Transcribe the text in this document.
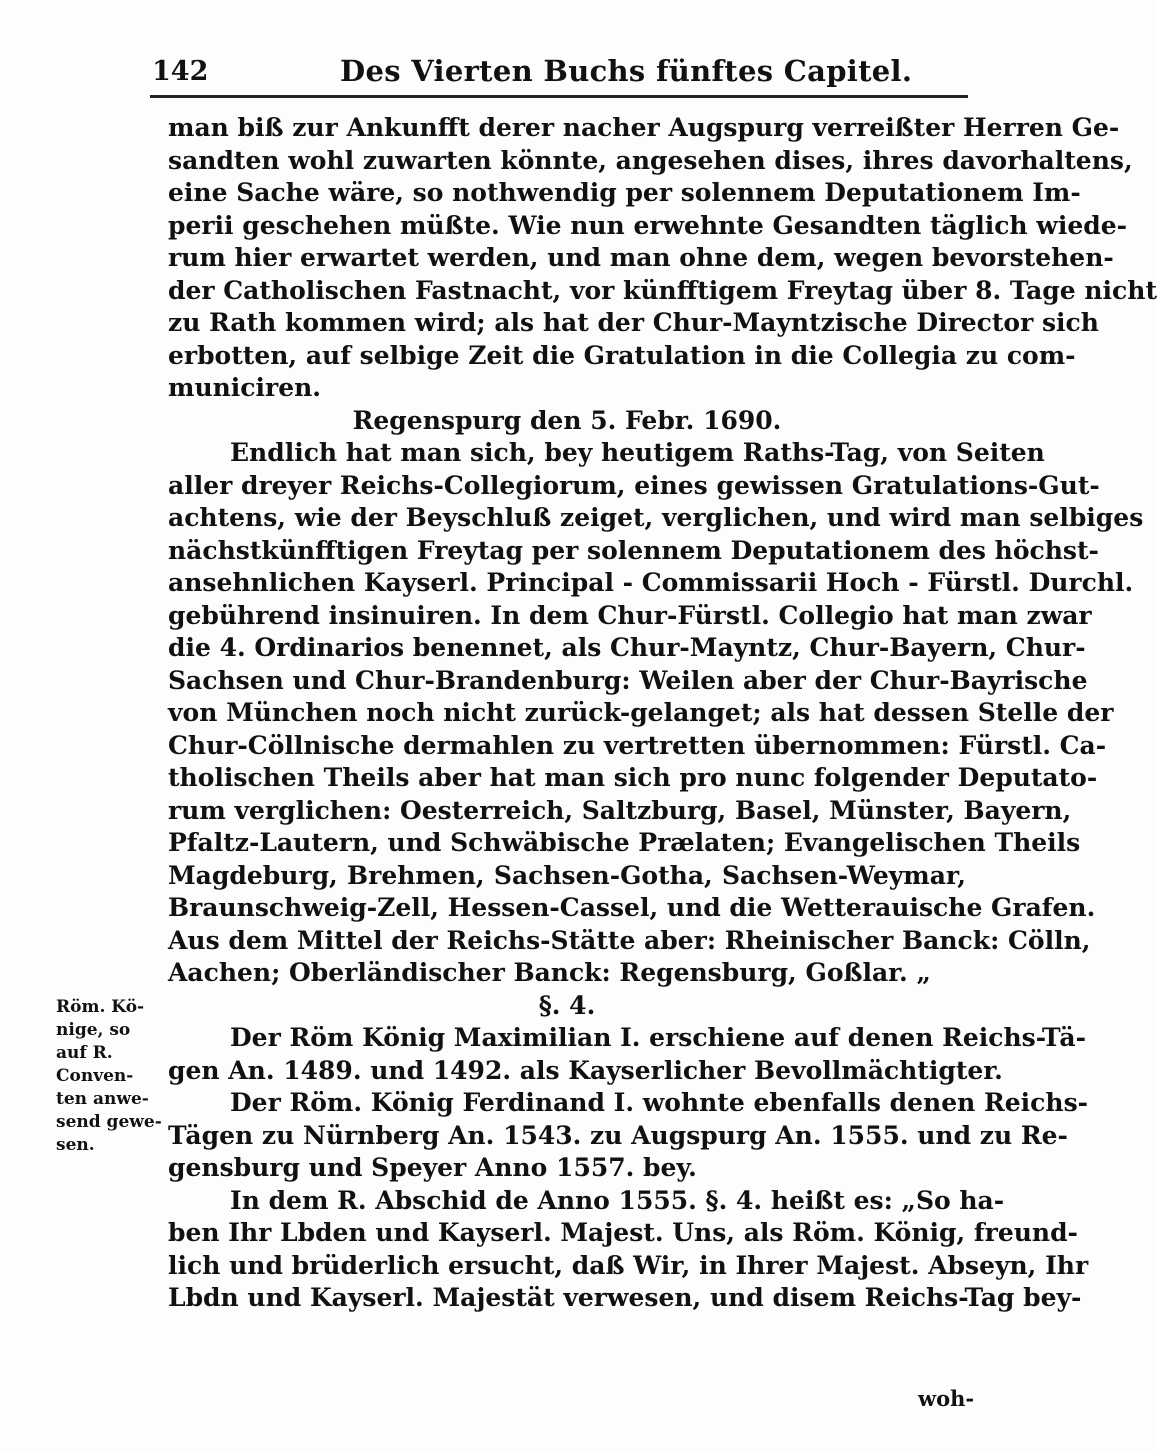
142	Des Vierten Buchs fünftes Capitel.
man biß zur Ankunfft derer nacher Augspurg verreißter Herren Ge-
sandten wohl zuwarten könnte, angesehen dises, ihres davorhaltens,
eine Sache wäre, so nothwendig per solennem Deputationem Im-
perii geschehen müßte. Wie nun erwehnte Gesandten täglich wiede-
rum hier erwartet werden, und man ohne dem, wegen bevorstehen-
der Catholischen Fastnacht, vor künfftigem Freytag über 8. Tage nicht
zu Rath kommen wird; als hat der Chur-Mayntzische Director sich
erbotten, auf selbige Zeit die Gratulation in die Collegia zu com-
municiren.
Regenspurg den 5. Febr. 1690.
Endlich hat man sich, bey heutigem Raths-Tag, von Seiten
aller dreyer Reichs-Collegiorum, eines gewissen Gratulations-Gut-
achtens, wie der Beyschluß zeiget, verglichen, und wird man selbiges
nächstkünfftigen Freytag per solennem Deputationem des höchst-
ansehnlichen Kayserl. Principal - Commissarii Hoch - Fürstl. Durchl.
gebührend insinuiren. In dem Chur-Fürstl. Collegio hat man zwar
die 4. Ordinarios benennet, als Chur-Mayntz, Chur-Bayern, Chur-
Sachsen und Chur-Brandenburg: Weilen aber der Chur-Bayrische
von München noch nicht zurück-gelanget; als hat dessen Stelle der
Chur-Cöllnische dermahlen zu vertretten übernommen: Fürstl. Ca-
tholischen Theils aber hat man sich pro nunc folgender Deputato-
rum verglichen: Oesterreich, Saltzburg, Basel, Münster, Bayern,
Pfaltz-Lautern, und Schwäbische Prælaten; Evangelischen Theils
Magdeburg, Brehmen, Sachsen-Gotha, Sachsen-Weymar,
Braunschweig-Zell, Hessen-Cassel, und die Wetterauische Grafen.
Aus dem Mittel der Reichs-Stätte aber: Rheinischer Banck: Cölln,
Aachen; Oberländischer Banck: Regensburg, Goßlar. „
§. 4.
Der Röm König Maximilian I. erschiene auf denen Reichs-Tä-
gen An. 1489. und 1492. als Kayserlicher Bevollmächtigter.
Der Röm. König Ferdinand I. wohnte ebenfalls denen Reichs-
Tägen zu Nürnberg An. 1543. zu Augspurg An. 1555. und zu Re-
gensburg und Speyer Anno 1557. bey.
In dem R. Abschid de Anno 1555. §. 4. heißt es: „So ha-
ben Ihr Lbden und Kayserl. Majest. Uns, als Röm. König, freund-
lich und brüderlich ersucht, daß Wir, in Ihrer Majest. Abseyn, Ihr
Lbdn und Kayserl. Majestät verwesen, und disem Reichs-Tag bey-
Röm. Kö-
nige, so
auf R.
Conven-
ten anwe-
send gewe-
sen.
woh-
